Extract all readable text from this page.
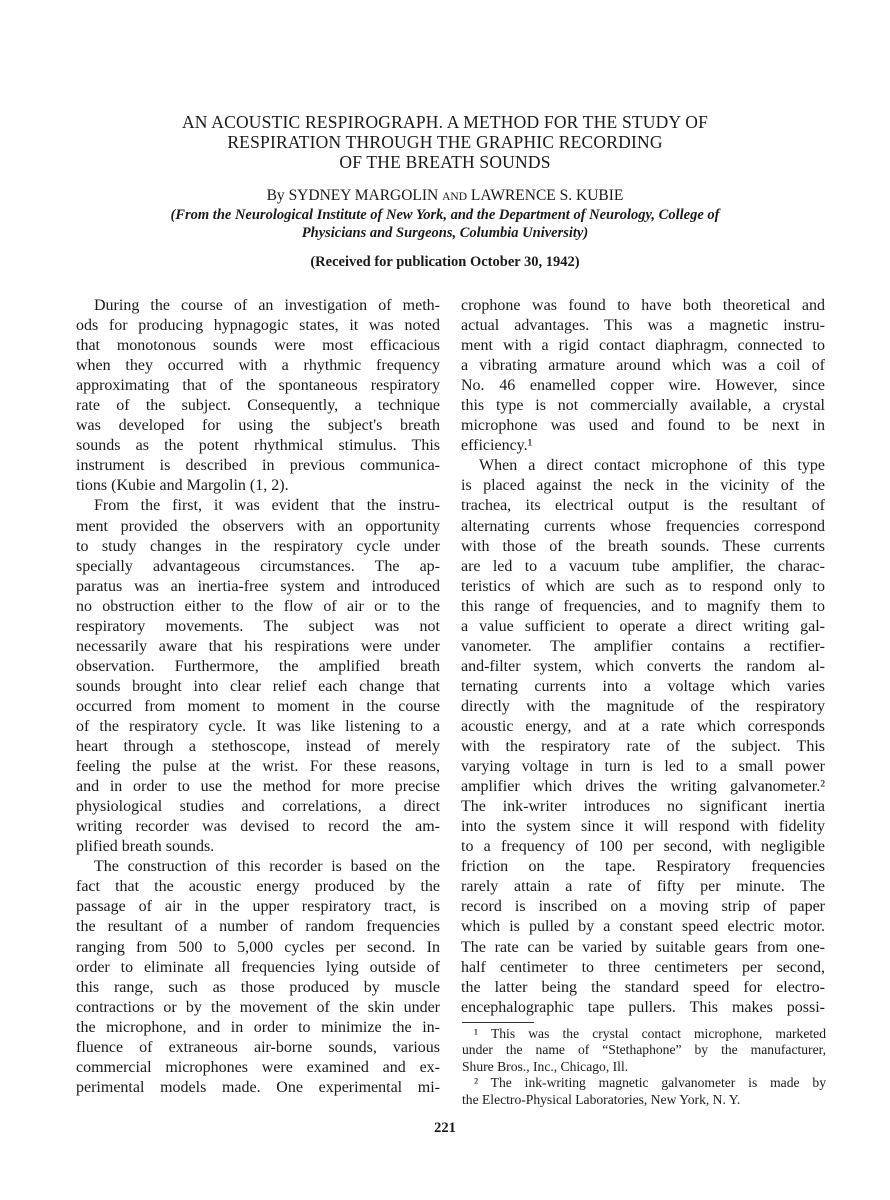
AN ACOUSTIC RESPIROGRAPH. A METHOD FOR THE STUDY OF
RESPIRATION THROUGH THE GRAPHIC RECORDING
OF THE BREATH SOUNDS
By SYDNEY MARGOLIN AND LAWRENCE S. KUBIE
(From the Neurological Institute of New York, and the Department of Neurology, College of
Physicians and Surgeons, Columbia University)
(Received for publication October 30, 1942)
During the course of an investigation of meth-
ods for producing hypnagogic states, it was noted
that monotonous sounds were most efficacious
when they occurred with a rhythmic frequency
approximating that of the spontaneous respiratory
rate of the subject. Consequently, a technique
was developed for using the subject's breath
sounds as the potent rhythmical stimulus. This
instrument is described in previous communica-
tions (Kubie and Margolin (1, 2).
From the first, it was evident that the instru-
ment provided the observers with an opportunity
to study changes in the respiratory cycle under
specially advantageous circumstances. The ap-
paratus was an inertia-free system and introduced
no obstruction either to the flow of air or to the
respiratory movements. The subject was not
necessarily aware that his respirations were under
observation. Furthermore, the amplified breath
sounds brought into clear relief each change that
occurred from moment to moment in the course
of the respiratory cycle. It was like listening to a
heart through a stethoscope, instead of merely
feeling the pulse at the wrist. For these reasons,
and in order to use the method for more precise
physiological studies and correlations, a direct
writing recorder was devised to record the am-
plified breath sounds.
The construction of this recorder is based on the
fact that the acoustic energy produced by the
passage of air in the upper respiratory tract, is
the resultant of a number of random frequencies
ranging from 500 to 5,000 cycles per second. In
order to eliminate all frequencies lying outside of
this range, such as those produced by muscle
contractions or by the movement of the skin under
the microphone, and in order to minimize the in-
fluence of extraneous air-borne sounds, various
commercial microphones were examined and ex-
perimental models made. One experimental mi-
crophone was found to have both theoretical and
actual advantages. This was a magnetic instru-
ment with a rigid contact diaphragm, connected to
a vibrating armature around which was a coil of
No. 46 enamelled copper wire. However, since
this type is not commercially available, a crystal
microphone was used and found to be next in
efficiency.¹
When a direct contact microphone of this type
is placed against the neck in the vicinity of the
trachea, its electrical output is the resultant of
alternating currents whose frequencies correspond
with those of the breath sounds. These currents
are led to a vacuum tube amplifier, the charac-
teristics of which are such as to respond only to
this range of frequencies, and to magnify them to
a value sufficient to operate a direct writing gal-
vanometer. The amplifier contains a rectifier-
and-filter system, which converts the random al-
ternating currents into a voltage which varies
directly with the magnitude of the respiratory
acoustic energy, and at a rate which corresponds
with the respiratory rate of the subject. This
varying voltage in turn is led to a small power
amplifier which drives the writing galvanometer.²
The ink-writer introduces no significant inertia
into the system since it will respond with fidelity
to a frequency of 100 per second, with negligible
friction on the tape. Respiratory frequencies
rarely attain a rate of fifty per minute. The
record is inscribed on a moving strip of paper
which is pulled by a constant speed electric motor.
The rate can be varied by suitable gears from one-
half centimeter to three centimeters per second,
the latter being the standard speed for electro-
encephalographic tape pullers. This makes possi-
¹ This was the crystal contact microphone, marketed
under the name of “Stethaphone” by the manufacturer,
Shure Bros., Inc., Chicago, Ill.
² The ink-writing magnetic galvanometer is made by
the Electro-Physical Laboratories, New York, N. Y.
221
